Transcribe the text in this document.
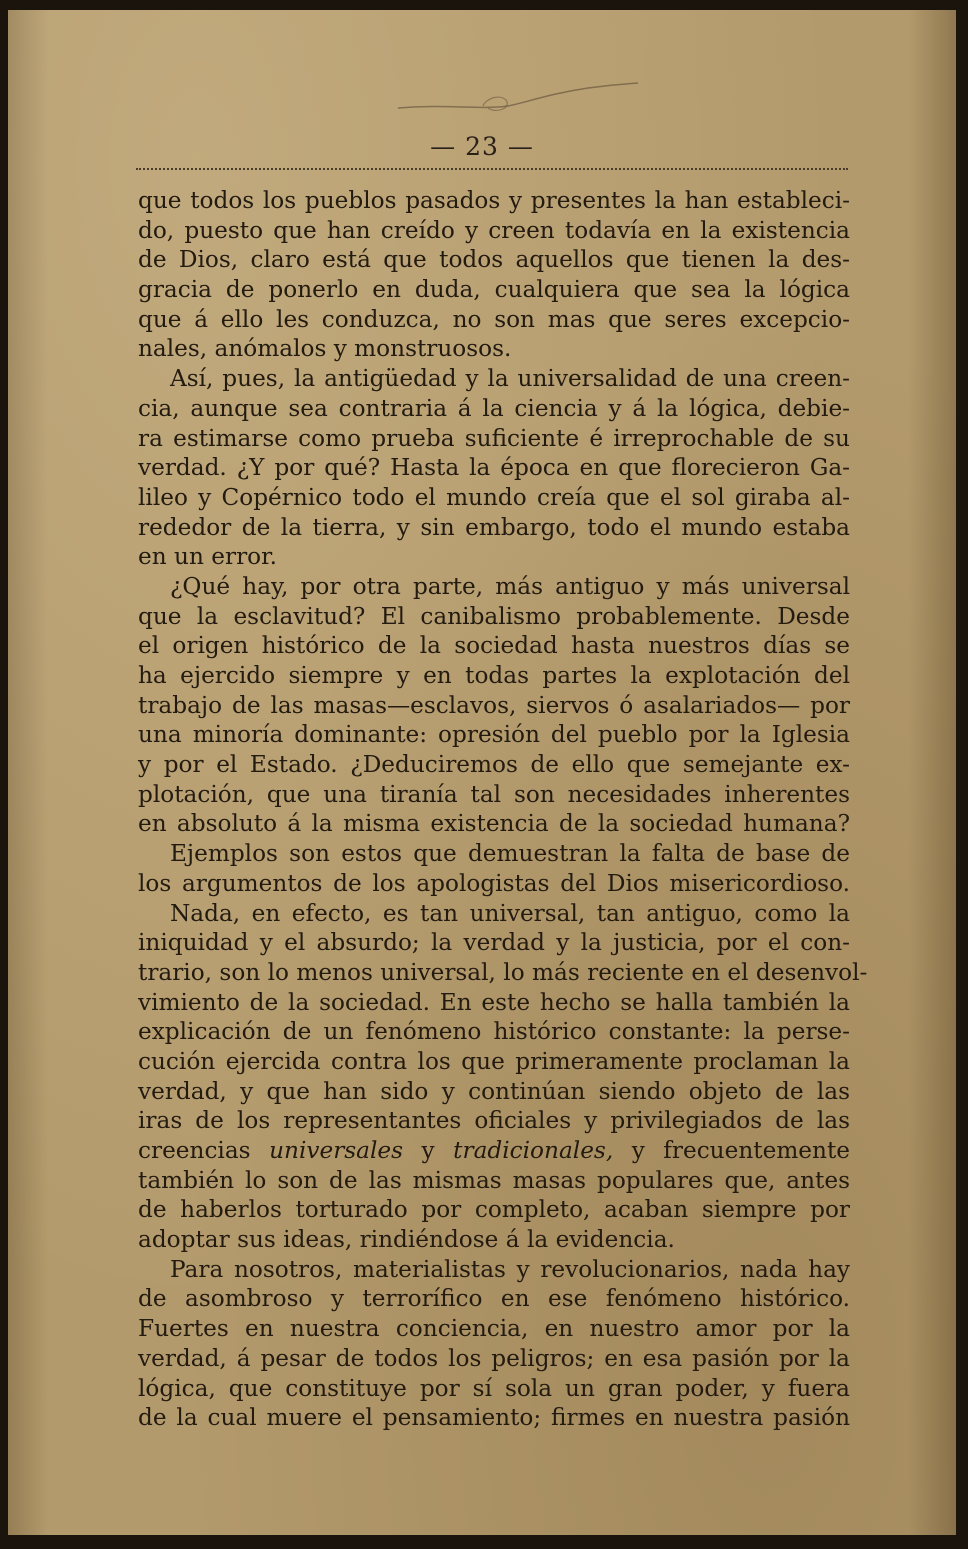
— 23 —
que todos los pueblos pasados y presentes la han estableci-
do, puesto que han creído y creen todavía en la existencia
de Dios, claro está que todos aquellos que tienen la des-
gracia de ponerlo en duda, cualquiera que sea la lógica
que á ello les conduzca, no son mas que seres excepcio-
nales, anómalos y monstruosos.
Así, pues, la antigüedad y la universalidad de una creen-
cia, aunque sea contraria á la ciencia y á la lógica, debie-
ra estimarse como prueba suficiente é irreprochable de su
verdad. ¿Y por qué? Hasta la época en que florecieron Ga-
lileo y Copérnico todo el mundo creía que el sol giraba al-
rededor de la tierra, y sin embargo, todo el mundo estaba
en un error.
¿Qué hay, por otra parte, más antiguo y más universal
que la esclavitud? El canibalismo probablemente. Desde
el origen histórico de la sociedad hasta nuestros días se
ha ejercido siempre y en todas partes la explotación del
trabajo de las masas—esclavos, siervos ó asalariados— por
una minoría dominante: opresión del pueblo por la Iglesia
y por el Estado. ¿Deduciremos de ello que semejante ex-
plotación, que una tiranía tal son necesidades inherentes
en absoluto á la misma existencia de la sociedad humana?
Ejemplos son estos que demuestran la falta de base de
los argumentos de los apologistas del Dios misericordioso.
Nada, en efecto, es tan universal, tan antiguo, como la
iniquidad y el absurdo; la verdad y la justicia, por el con-
trario, son lo menos universal, lo más reciente en el desenvol-
vimiento de la sociedad. En este hecho se halla también la
explicación de un fenómeno histórico constante: la perse-
cución ejercida contra los que primeramente proclaman la
verdad, y que han sido y continúan siendo objeto de las
iras de los representantes oficiales y privilegiados de las
creencias universales y tradicionales, y frecuentemente
también lo son de las mismas masas populares que, antes
de haberlos torturado por completo, acaban siempre por
adoptar sus ideas, rindiéndose á la evidencia.
Para nosotros, materialistas y revolucionarios, nada hay
de asombroso y terrorífico en ese fenómeno histórico.
Fuertes en nuestra conciencia, en nuestro amor por la
verdad, á pesar de todos los peligros; en esa pasión por la
lógica, que constituye por sí sola un gran poder, y fuera
de la cual muere el pensamiento; firmes en nuestra pasión
